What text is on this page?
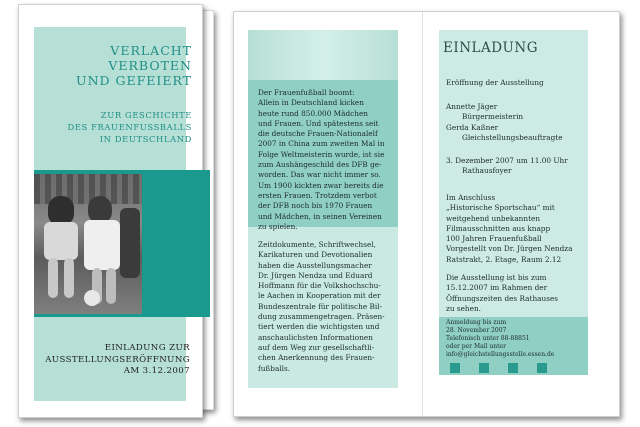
VERLACHT
VERBOTEN
UND GEFEIERT
ZUR GESCHICHTE
DES FRAUENFUSSBALLS
IN DEUTSCHLAND
EINLADUNG ZUR
AUSSTELLUNGSERÖFFNUNG
AM 3.12.2007

Der Frauenfußball boomt:
Allein in Deutschland kicken
heute rund 850.000 Mädchen
und Frauen. Und spätestens seit
die deutsche Frauen-Nationalelf
2007 in China zum zweiten Mal in
Folge Weltmeisterin wurde, ist sie
zum Aushängeschild des DFB ge-
worden. Das war nicht immer so.
Um 1900 kickten zwar bereits die
ersten Frauen. Trotzdem verbot
der DFB noch bis 1970 Frauen
und Mädchen, in seinen Vereinen
zu spielen.

Zeitdokumente, Schriftwechsel,
Karikaturen und Devotionalien
haben die Ausstellungsmacher
Dr. Jürgen Nendza und Eduard
Hoffmann für die Volkshochschu-
le Aachen in Kooperation mit der
Bundeszentrale für politische Bil-
dung zusammengetragen. Präsen-
tiert werden die wichtigsten und
anschaulichsten Informationen
auf dem Weg zur gesellschaftli-
chen Anerkennung des Frauen-
fußballs.

EINLADUNG
Eröffnung der Ausstellung
Annette Jäger
Bürgermeisterin
Gerda Kaßner
Gleichstellungsbeauftragte
3. Dezember 2007 um 11.00 Uhr
Rathausfoyer
Im Anschluss
„Historische Sportschau“ mit
weitgehend unbekannten
Filmausschnitten aus knapp
100 Jahren Frauenfußball
Vorgestellt von Dr. Jürgen Nendza
Ratstrakt, 2. Etage, Raum 2.12
Die Ausstellung ist bis zum
15.12.2007 im Rahmen der
Öffnungszeiten des Rathauses
zu sehen.
Anmeldung bis zum
28. November 2007
Telefonisch unter 88-88851
oder per Mail unter
info@gleichstellungsstelle.essen.de
